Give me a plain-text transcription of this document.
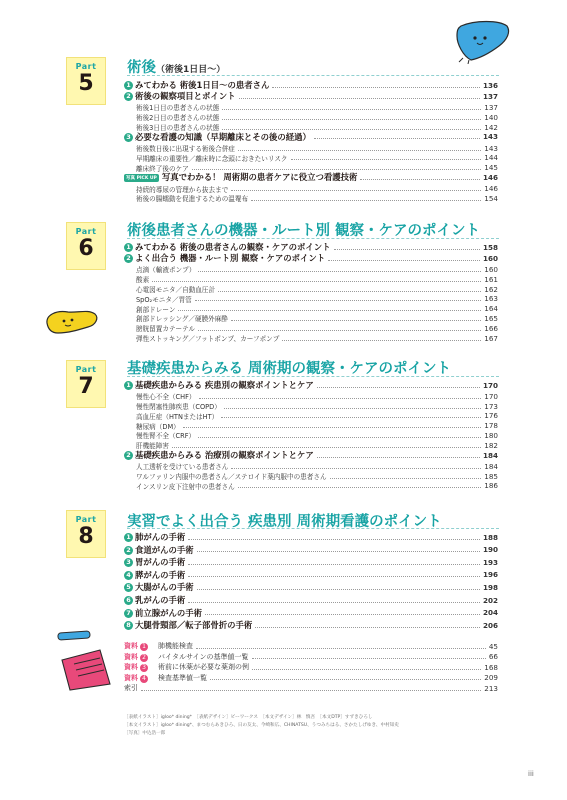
Part
5
術後（術後1日目〜）
1 みてわかる 術後1日目〜の患者さん	136
2 術後の観察項目とポイント	137
術後1日目の患者さんの状態	137
術後2日目の患者さんの状態	140
術後3日目の患者さんの状態	142
3 必要な看護の知識（早期離床とその後の経過）	143
術後数日後に出現する術後合併症	143
早期離床の重要性／離床時に念頭におきたいリスク	144
離床終了後のケア	145
写真 PICK UP 写真でわかる！ 周術期の患者ケアに役立つ看護技術	146
持続的導尿の管理から抜去まで	146
術後の腸蠕動を促進するための温罨布	154
Part
6
術後患者さんの機器・ルート別 観察・ケアのポイント
1 みてわかる 術後の患者さんの観察・ケアのポイント	158
2 よく出合う 機器・ルート別 観察・ケアのポイント	160
点滴（輸液ポンプ）	160
酸素	161
心電図モニタ／自動血圧計	162
SpO₂モニタ／胃管	163
創部ドレーン	164
創部ドレッシング／硬膜外麻酔	165
膀胱留置カテーテル	166
弾性ストッキング／フットポンプ、カーフポンプ	167
Part
7
基礎疾患からみる 周術期の観察・ケアのポイント
1 基礎疾患からみる 疾患別の観察ポイントとケア	170
慢性心不全（CHF）	170
慢性閉塞性肺疾患（COPD）	173
高血圧症（HTNまたはHT）	176
糖尿病（DM）	178
慢性腎不全（CRF）	180
肝機能障害	182
2 基礎疾患からみる 治療別の観察ポイントとケア	184
人工透析を受けている患者さん	184
ワルファリン内服中の患者さん／ステロイド薬内服中の患者さん	185
インスリン皮下注射中の患者さん	186
Part
8
実習でよく出合う 疾患別 周術期看護のポイント
1 肺がんの手術	188
2 食道がんの手術	190
3 胃がんの手術	193
4 膵がんの手術	196
5 大腸がんの手術	198
6 乳がんの手術	202
7 前立腺がんの手術	204
8 大腿骨頸部／転子部骨折の手術	206
資料 1 肺機能検査	45
資料 2 バイタルサインの基準値一覧	66
資料 3 術前に休薬が必要な薬剤の例	168
資料 4 検査基準値一覧	209
索引	213
［表紙イラスト］igloo* dining*　［表紙デザイン］ビーワークス　［本文デザイン］林　慎吾　［本文DTP］すずきひろし
［本文イラスト］igloo* dining*、まつむらあきひろ、日の友太、今崎和広、CHINATSU、うつみちはる、さかたしげゆき、中村知史
［写真］中込浩一郎
iii
